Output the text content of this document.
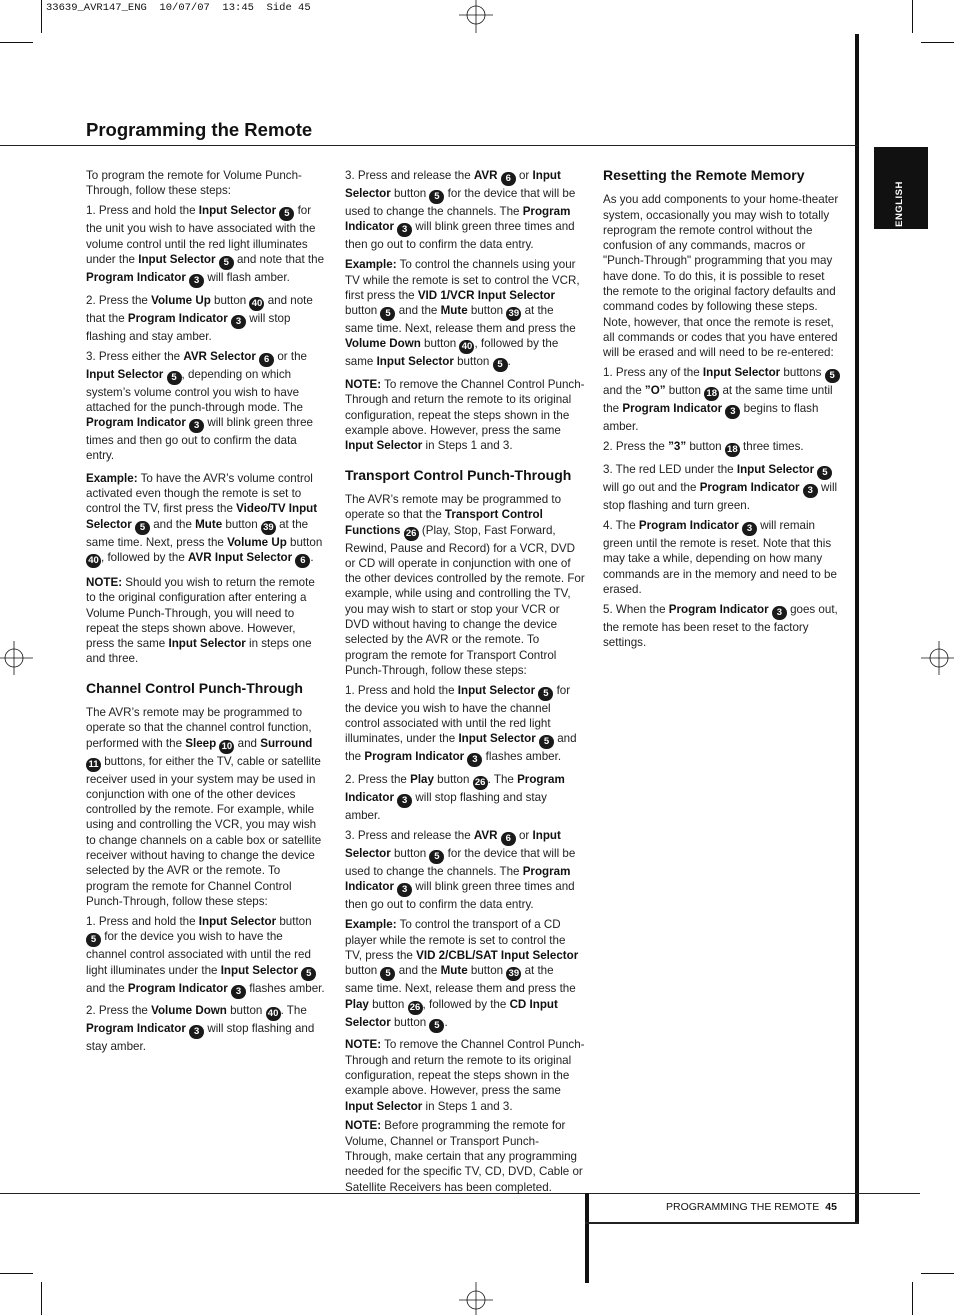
33639_AVR147_ENG  10/07/07  13:45  Side 45
Programming the Remote
ENGLISH

To program the remote for Volume Punch-Through, follow these steps:

1. Press and hold the Input Selector 5 for the unit you wish to have associated with the volume control until the red light illuminates under the Input Selector 5 and note that the Program Indicator 3 will flash amber.

2. Press the Volume Up button 40 and note that the Program Indicator 3 will stop flashing and stay amber.

3. Press either the AVR Selector 6 or the Input Selector 5 , depending on which system’s volume control you wish to have attached for the punch-through mode. The Program Indicator 3 will blink green three times and then go out to confirm the data entry.

Example: To have the AVR’s volume control activated even though the remote is set to control the TV, first press the Video/TV Input Selector 5 and the Mute button 39 at the same time. Next, press the Volume Up button 40 , followed by the AVR Input Selector 6 .

NOTE: Should you wish to return the remote to the original configuration after entering a Volume Punch-Through, you will need to repeat the steps shown above. However, press the same Input Selector in steps one and three.

Channel Control Punch-Through

The AVR’s remote may be programmed to operate so that the channel control function, performed with the Sleep 10 and Surround 11 buttons, for either the TV, cable or satellite receiver used in your system may be used in conjunction with one of the other devices controlled by the remote. For example, while using and controlling the VCR, you may wish to change channels on a cable box or satellite receiver without having to change the device selected by the AVR or the remote. To program the remote for Channel Control Punch-Through, follow these steps:

1. Press and hold the Input Selector button 5 for the device you wish to have the channel control associated with until the red light illuminates under the Input Selector 5 and the Program Indicator 3 flashes amber.

2. Press the Volume Down button 40 . The Program Indicator 3 will stop flashing and stay amber.

3. Press and release the AVR 6 or Input Selector button 5 for the device that will be used to change the channels. The Program Indicator 3 will blink green three times and then go out to confirm the data entry.

Example: To control the channels using your TV while the remote is set to control the VCR, first press the VID 1/VCR Input Selector button 5 and the Mute button 39 at the same time. Next, release them and press the Volume Down button 40 , followed by the same Input Selector button 5 .

NOTE: To remove the Channel Control Punch-Through and return the remote to its original configuration, repeat the steps shown in the example above. However, press the same Input Selector in Steps 1 and 3.

Transport Control Punch-Through

The AVR’s remote may be programmed to operate so that the Transport Control Functions 26 (Play, Stop, Fast Forward, Rewind, Pause and Record) for a VCR, DVD or CD will operate in conjunction with one of the other devices controlled by the remote. For example, while using and controlling the TV, you may wish to start or stop your VCR or DVD without having to change the device selected by the AVR or the remote. To program the remote for Transport Control Punch-Through, follow these steps:

1. Press and hold the Input Selector 5 for the device you wish to have the channel control associated with until the red light illuminates, under the Input Selector 5 and the Program Indicator 3 flashes amber.

2. Press the Play button 26 . The Program Indicator 3 will stop flashing and stay amber.

3. Press and release the AVR 6 or Input Selector button 5 for the device that will be used to change the channels. The Program Indicator 3 will blink green three times and then go out to confirm the data entry.

Example: To control the transport of a CD player while the remote is set to control the TV, press the VID 2/CBL/SAT Input Selector button 5 and the Mute button 39 at the same time. Next, release them and press the Play button 26 , followed by the CD Input Selector button 5 .

NOTE: To remove the Channel Control Punch-Through and return the remote to its original configuration, repeat the steps shown in the example above. However, press the same Input Selector in Steps 1 and 3.

NOTE: Before programming the remote for Volume, Channel or Transport Punch-Through, make certain that any programming needed for the specific TV, CD, DVD, Cable or Satellite Receivers has been completed.

Resetting the Remote Memory

As you add components to your home-theater system, occasionally you may wish to totally reprogram the remote control without the confusion of any commands, macros or "Punch-Through" programming that you may have done. To do this, it is possible to reset the remote to the original factory defaults and command codes by following these steps. Note, however, that once the remote is reset, all commands or codes that you have entered will be erased and will need to be re-entered:

1. Press any of the Input Selector buttons 5 and the ”O” button 18 at the same time until the Program Indicator 3 begins to flash amber.

2. Press the ”3” button 18 three times.

3. The red LED under the Input Selector 5 will go out and the Program Indicator 3 will stop flashing and turn green.

4. The Program Indicator 3 will remain green until the remote is reset. Note that this may take a while, depending on how many commands are in the memory and need to be erased.

5. When the Program Indicator 3 goes out, the remote has been reset to the factory settings.

PROGRAMMING THE REMOTE 45
